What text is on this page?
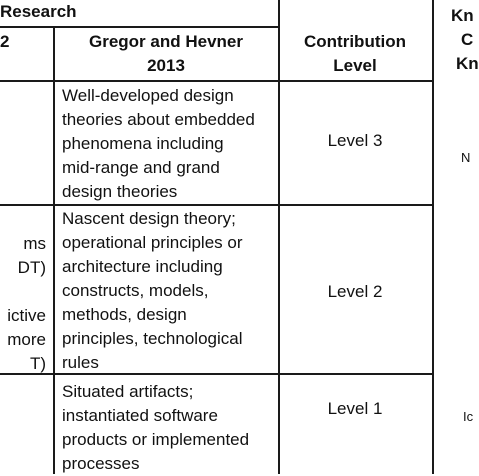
Research
2	Gregor and Hevner
2013
Contribution
Level
Kn
C
Kn
Well-developed design
theories about embedded
phenomena including
mid-range and grand
design theories
Level 3
N
ms
DT)
ictive
more
T)
Nascent design theory;
operational principles or
architecture including
constructs, models,
methods, design
principles, technological
rules
Level 2
Situated artifacts;
instantiated software
products or implemented
processes
Level 1	Ic
